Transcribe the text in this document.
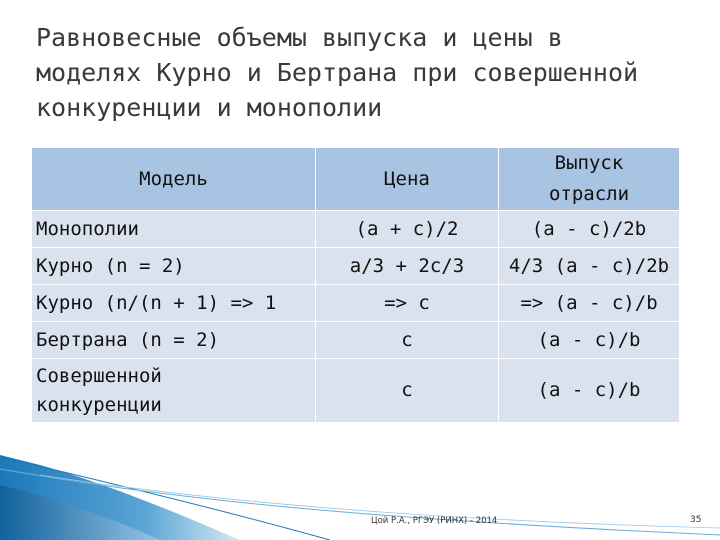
Равновесные объемы выпуска и цены в
моделях Курно и Бертрана при совершенной
конкуренции и монополии
Модель	Цена	Выпуск
отрасли

Монополии	(a + c)/2	(a - c)/2b
Курно (n = 2)	a/3 + 2c/3	4/3 (a - c)/2b
Курно (n/(n + 1) => 1	=> c	=> (a - c)/b
Бертрана (n = 2)	c	(a - c)/b

Совершенной
конкуренции	c	(a - c)/b
Цой Р.А., РГЭУ (РИНХ) - 2014	35
